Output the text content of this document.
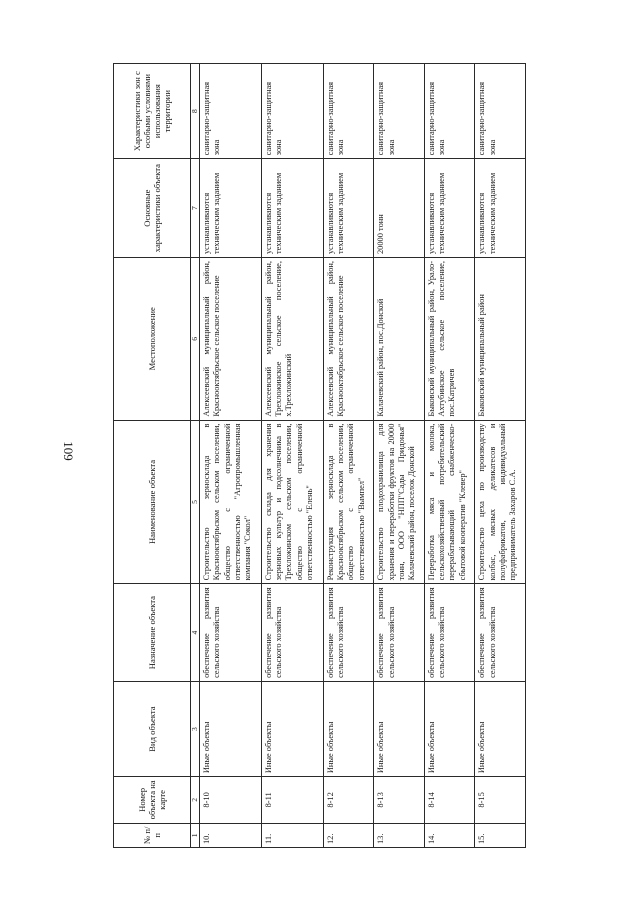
109
№ п/п	Номер объекта на карте	Вид объекта	Назначение объекта	Наименование объекта	Местоположение	Основные характеристики объекта	Характеристики зон с особыми условиями использования территории
1	2	3	4	5	6	7	8
10.	8-10	Иные объекты	обеспечение развития сельского хозяйства	Строительство зерносклада в Краснооктябрьском сельском поселении, общество с ограниченной ответственностью "Агропромышленная компания "Сокол"	Алексеевский муниципальный район, Краснооктябрьское сельское поселение	устанавливаются техническим заданием	санитарно-защитная зона
11.	8-11	Иные объекты	обеспечение развития сельского хозяйства	Строительство склада для хранения зерновых культур и подсолнечника в Трехложинском сельском поселении, общество с ограниченной ответственностью "Елень"	Алексеевский муниципальный район, Трехложинское сельское поселение, х.Трехложинский	устанавливаются техническим заданием	санитарно-защитная зона
12.	8-12	Иные объекты	обеспечение развития сельского хозяйства	Реконструкция зерносклада в Краснооктябрьском сельском поселении, общество с ограниченной ответственностью "Вымпел"	Алексеевский муниципальный район, Краснооктябрьское сельское поселение	устанавливаются техническим заданием	санитарно-защитная зона
13.	8-13	Иные объекты	обеспечение развития сельского хозяйства	Строительство плодохранилища для хранения и переработки фруктов на 20000 тонн, ООО "НПП"Сады Придонья" Калачевский район, поселок Донской	Калачевский район, пос.Донской	20000 тонн	санитарно-защитная зона
14.	8-14	Иные объекты	обеспечение развития сельского хозяйства	Переработка мяса и молока, сельскохозяйственный потребительский перерабатывающий снабженческо-сбытовой кооператив "Клевер"	Быковский муниципальный район, Урало-Ахтубинское сельское поселение, пос.Катричев	устанавливаются техническим заданием	санитарно-защитная зона
15.	8-15	Иные объекты	обеспечение развития сельского хозяйства	Строительство цеха по производству колбас, мясных деликатесов и полуфабрикатов, индивидуальный предприниматель Захаров С.А.	Быковский муниципальный район	устанавливаются техническим заданием	санитарно-защитная зона
